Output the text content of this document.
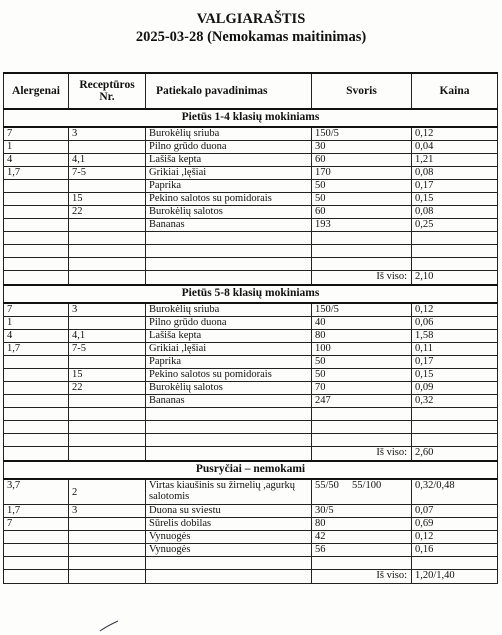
VALGIARAŠTIS
2025-03-28 (Nemokamas maitinimas)
Alergenai	Receptūros Nr.	Patiekalo pavadinimas	Svoris	Kaina
Pietūs 1-4 klasių mokiniams				
7	3	Burokėlių sriuba	150/5	0,12
1		Pilno grūdo duona	30	0,04
4	4,1	Lašiša kepta	60	1,21
1,7	7-5	Grikiai ,lęšiai	170	0,08
		Paprika	50	0,17
	15	Pekino salotos su pomidorais	50	0,15
	22	Burokėlių salotos	60	0,08
		Bananas	193	0,25

			Iš viso:	2,10
Pietūs 5-8 klasių mokiniams				
7	3	Burokėlių sriuba	150/5	0,12
1		Pilno grūdo duona	40	0,06
4	4,1	Lašiša kepta	80	1,58
1,7	7-5	Grikiai ,lęšiai	100	0,11
		Paprika	50	0,17
	15	Pekino salotos su pomidorais	50	0,15
	22	Burokėlių salotos	70	0,09
		Bananas	247	0,32

			Iš viso:	2,60
Pusryčiai – nemokami				
3,7	2	Virtas kiaušinis su žirnelių ,agurkų salotomis	55/50     55/100	0,32/0,48
1,7	3	Duona su sviestu	30/5	0,07
7		Sūrelis dobilas	80	0,69
		Vynuogės	42	0,12
		Vynuogės	56	0,16

			Iš viso:	1,20/1,40
